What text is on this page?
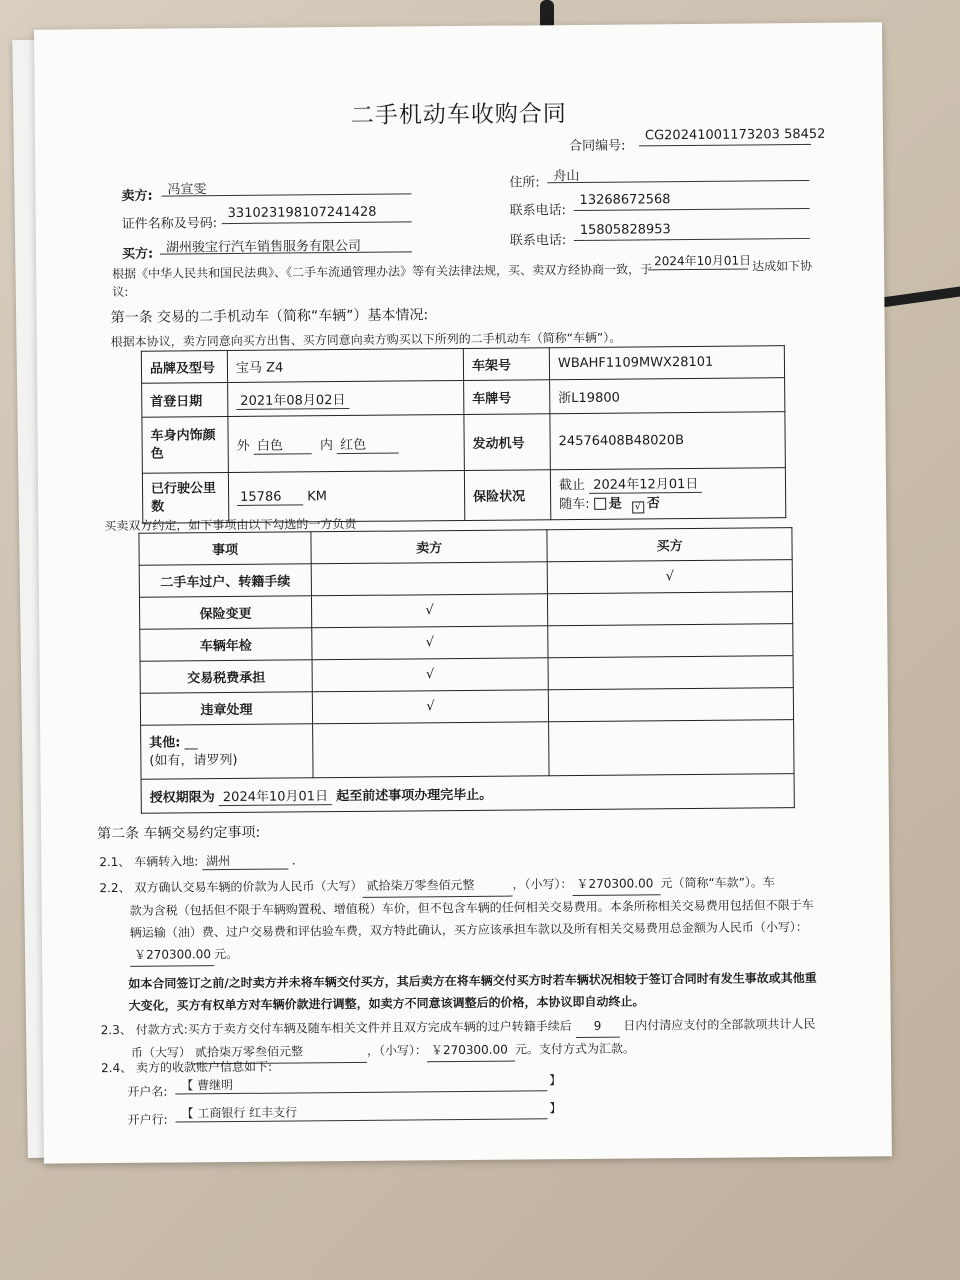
二手机动车收购合同
合同编号:
CG20241001173203 58452
卖方:	冯宣雯	住所:	舟山
证件名称及号码:
331023198107241428	联系电话:
13268672568
买方: 湖州骏宝行汽车销售服务有限公司	联系电话:
15805828953
根据《中华人民共和国民法典》、《二手车流通管理办法》等有关法律法规，买、卖双方经协商一致，于
2024年10月01日 达成如下协
议:
第一条 交易的二手机动车（简称“车辆”）基本情况:
根据本协议，卖方同意向买方出售、买方同意向卖方购买以下所列的二手机动车（简称“车辆”）。
品牌及型号	宝马 Z4	车架号	WBAHF1109MWX28101
首登日期	2021年08月02日	车牌号	浙L19800
车身内饰颜色	外 白色 内 红色	发动机号	24576408B48020B
已行驶公里数	15786 KM	保险状况	截止 2024年12月01日
随车: 是 √ 否
买卖双方约定，如下事项由以下勾选的一方负责
事项	卖方	买方
二手车过户、转籍手续		√
保险变更	√	
车辆年检	√	
交易税费承担	√	
违章处理	√	

其他: __
(如有，请罗列)		

授权期限为 2024年10月01日 起至前述事项办理完毕止。		
第二条 车辆交易约定事项:
2.1、 车辆转入地: 湖州	.
2.2、 双方确认交易车辆的价款为人民币（大写） 贰拾柒万零叁佰元整	，（小写）： ￥270300.00 元（简称“车款”）。车
款为含税（包括但不限于车辆购置税、增值税）车价，但不包含车辆的任何相关交易费用。本条所称相关交易费用包括但不限于车
辆运输（油）费、过户交易费和评估验车费，双方特此确认，买方应该承担车款以及所有相关交易费用总金额为人民币（小写）：
￥270300.00 元。
如本合同签订之前/之时卖方并未将车辆交付买方，其后卖方在将车辆交付买方时若车辆状况相较于签订合同时有发生事故或其他重
大变化，买方有权单方对车辆价款进行调整，如卖方不同意该调整后的价格，本协议即自动终止。
2.3、 付款方式:买方于卖方交付车辆及随车相关文件并且双方完成车辆的过户转籍手续后 9 日内付清应支付的全部款项共计人民
币（大写） 贰拾柒万零叁佰元整	，（小写）： ￥270300.00 元。支付方式为汇款。
2.4、 卖方的收款账户信息如下:
开户名:	【 曹继明	】
开户行:	【 工商银行 红丰支行	】
